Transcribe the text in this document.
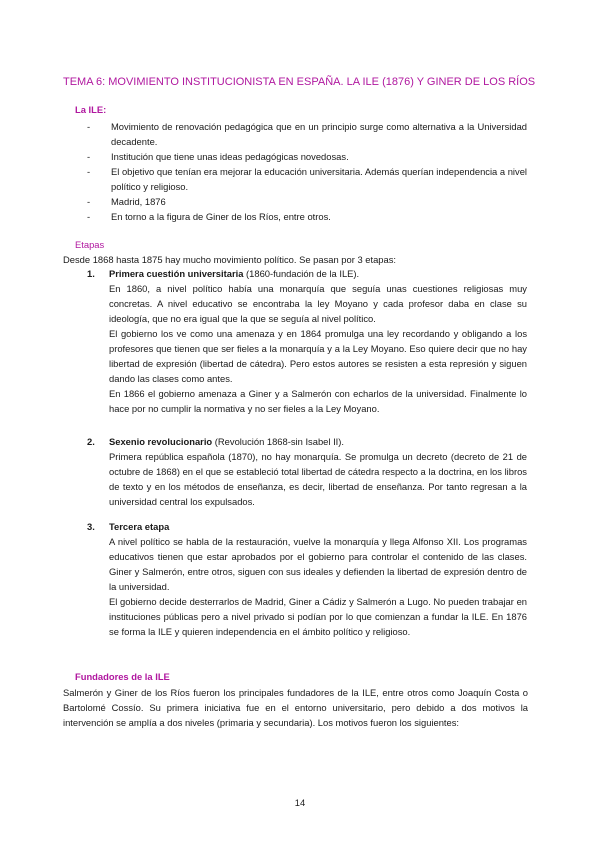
TEMA 6: MOVIMIENTO INSTITUCIONISTA EN ESPAÑA. LA ILE (1876) Y GINER DE LOS RÍOS
La ILE:
- Movimiento de renovación pedagógica que en un principio surge como alternativa a la Universidad decadente.
- Institución que tiene unas ideas pedagógicas novedosas.
- El objetivo que tenían era mejorar la educación universitaria. Además querían independencia a nivel político y religioso.
- Madrid, 1876
- En torno a la figura de Giner de los Ríos, entre otros.
Etapas
Desde 1868 hasta 1875 hay mucho movimiento político. Se pasan por 3 etapas:
1.	Primera cuestión universitaria (1860-fundación de la ILE).

En 1860, a nivel político había una monarquía que seguía unas cuestiones religiosas muy concretas. A nivel educativo se encontraba la ley Moyano y cada profesor daba en clase su ideología, que no era igual que la que se seguía al nivel político.

El gobierno los ve como una amenaza y en 1864 promulga una ley recordando y obligando a los profesores que tienen que ser fieles a la monarquía y a la Ley Moyano. Eso quiere decir que no hay libertad de expresión (libertad de cátedra). Pero estos autores se resisten a esta represión y siguen dando las clases como antes.

En 1866 el gobierno amenaza a Giner y a Salmerón con echarlos de la universidad. Finalmente lo hace por no cumplir la normativa y no ser fieles a la Ley Moyano.

2.	Sexenio revolucionario (Revolución 1868-sin Isabel II).

Primera república española (1870), no hay monarquía. Se promulga un decreto (decreto de 21 de octubre de 1868) en el que se estableció total libertad de cátedra respecto a la doctrina, en los libros de texto y en los métodos de enseñanza, es decir, libertad de enseñanza. Por tanto regresan a la universidad central los expulsados.

3.	Tercera etapa

A nivel político se habla de la restauración, vuelve la monarquía y llega Alfonso XII. Los programas educativos tienen que estar aprobados por el gobierno para controlar el contenido de las clases. Giner y Salmerón, entre otros, siguen con sus ideales y defienden la libertad de expresión dentro de la universidad.

El gobierno decide desterrarlos de Madrid, Giner a Cádiz y Salmerón a Lugo. No pueden trabajar en instituciones públicas pero a nivel privado si podían por lo que comienzan a fundar la ILE. En 1876 se forma la ILE y quieren independencia en el ámbito político y religioso.

Fundadores de la ILE

Salmerón y Giner de los Ríos fueron los principales fundadores de la ILE, entre otros como Joaquín Costa o Bartolomé Cossío. Su primera iniciativa fue en el entorno universitario, pero debido a dos motivos la intervención se amplía a dos niveles (primaria y secundaria). Los motivos fueron los siguientes:

14
